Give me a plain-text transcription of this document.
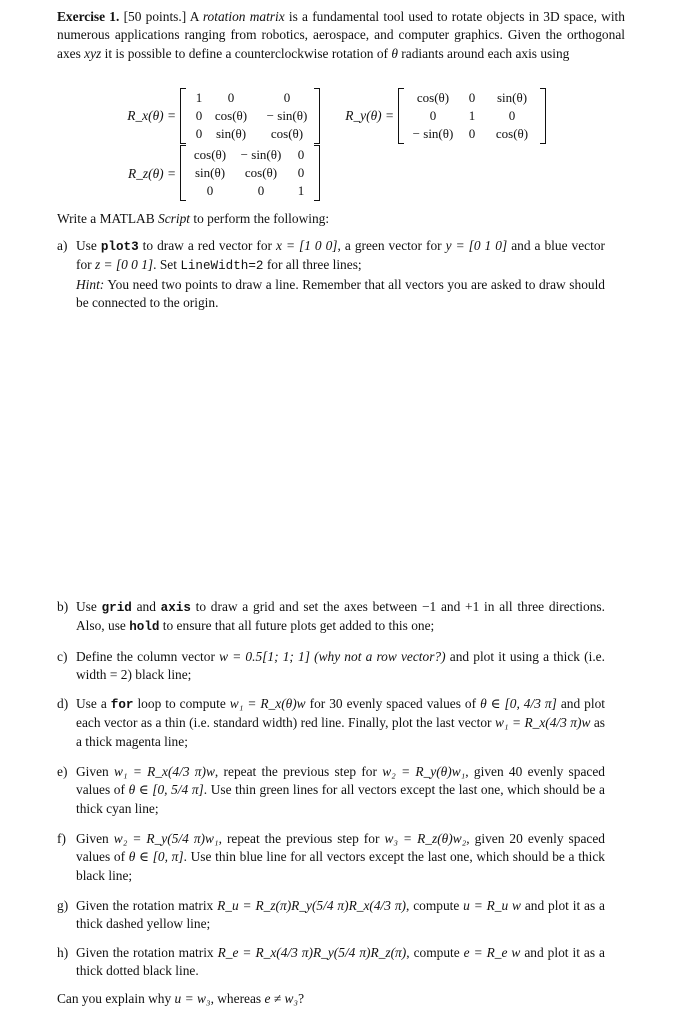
Exercise 1. [50 points.] A rotation matrix is a fundamental tool used to rotate objects in 3D space, with numerous applications ranging from robotics, aerospace, and computer graphics. Given the orthogonal axes xyz it is possible to define a counterclockwise rotation of θ radiants around each axis using
R_x(θ) =
1	0	0
0 cos(θ)	− sin(θ)
0	sin(θ)	cos(θ)
R_y(θ) =
cos(θ)	0	sin(θ)
0	1	0
− sin(θ)	0	cos(θ)
R_z(θ) =
cos(θ)	− sin(θ)	0
sin(θ)	cos(θ)	0
0	0	1
Write a MATLAB Script to perform the following:
a) Use plot3 to draw a red vector for x = [1 0 0], a green vector for y = [0 1 0] and a blue vector for z = [0 0 1]. Set LineWidth=2 for all three lines;
Hint: You need two points to draw a line. Remember that all vectors you are asked to draw should be connected to the origin.
b) Use grid and axis to draw a grid and set the axes between −1 and +1 in all three directions. Also, use hold to ensure that all future plots get added to this one;
c) Define the column vector w = 0.5[1; 1; 1] (why not a row vector?) and plot it using a thick (i.e. width = 2) black line;
d) Use a for loop to compute w₁ = R_x(θ)w for 30 evenly spaced values of θ ∈ [0, 4/3 π] and plot each vector as a thin (i.e. standard width) red line. Finally, plot the last vector w₁ = R_x(4/3 π)w as a thick magenta line;
e) Given w₁ = R_x(4/3 π)w, repeat the previous step for w₂ = R_y(θ)w₁, given 40 evenly spaced values of θ ∈ [0, 5/4 π]. Use thin green lines for all vectors except the last one, which should be a thick cyan line;
f) Given w₂ = R_y(5/4 π)w₁, repeat the previous step for w₃ = R_z(θ)w₂, given 20 evenly spaced values of θ ∈ [0, π]. Use thin blue line for all vectors except the last one, which should be a thick black line;
g) Given the rotation matrix R_u = R_z(π)R_y(5/4 π)R_x(4/3 π), compute u = R_u w and plot it as a thick dashed yellow line;
h) Given the rotation matrix R_e = R_x(4/3 π)R_y(5/4 π)R_z(π), compute e = R_e w and plot it as a thick dotted black line.
Can you explain why u = w₃, whereas e ≠ w₃?
